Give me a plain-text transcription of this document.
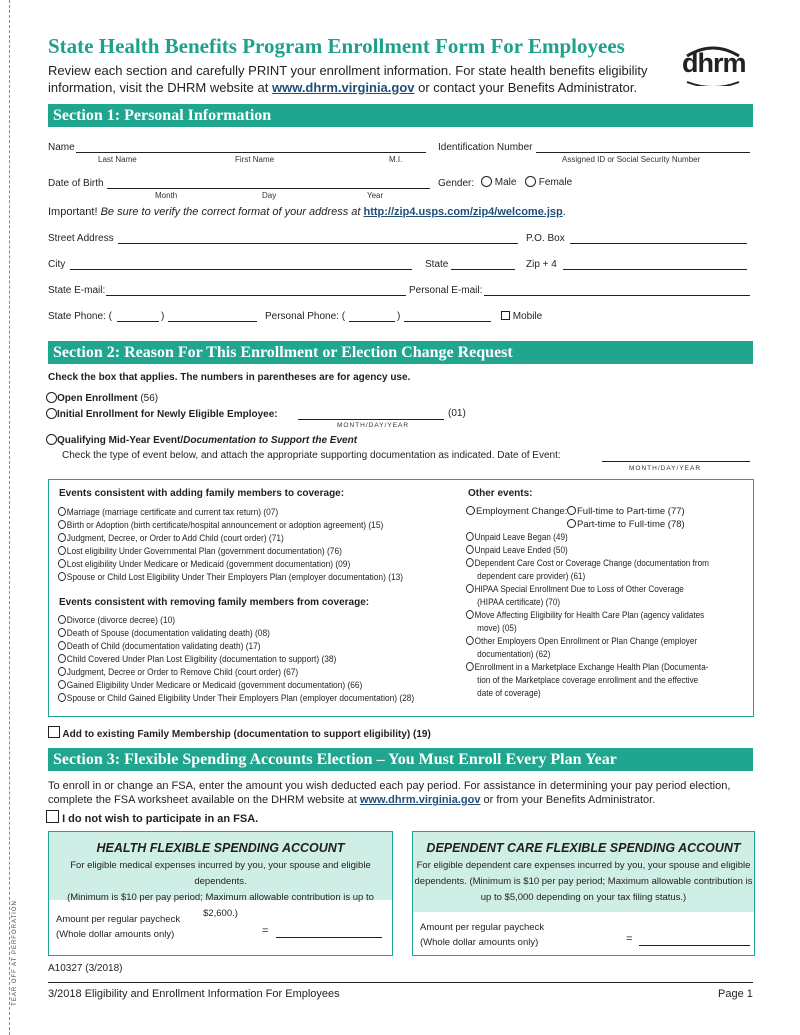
TEAR OFF AT PERFORATION
State Health Benefits Program Enrollment Form For Employees
Review each section and carefully PRINT your enrollment information. For state health benefits eligibility information, visit the DHRM website at www.dhrm.virginia.gov or contact your Benefits Administrator.
dhrm
Section 1: Personal Information
Name
Last Name	First Name	M.I.
Identification Number
Assigned ID or Social Security Number
Date of Birth
Month	Day	Year
Gender:	Male	Female
Important! Be sure to verify the correct format of your address at http://zip4.usps.com/zip4/welcome.jsp.
Street Address	P.O. Box
City	State	Zip + 4
State E-mail:	Personal E-mail:
State Phone: (	)	Personal Phone: (	)	Mobile
Section 2: Reason For This Enrollment or Election Change Request
Check the box that applies. The numbers in parentheses are for agency use.
Open Enrollment (56)
Initial Enrollment for Newly Eligible Employee:	(01)
MONTH/DAY/YEAR
Qualifying Mid-Year Event/Documentation to Support the Event
Check the type of event below, and attach the appropriate supporting documentation as indicated. Date of Event:
MONTH/DAY/YEAR
Events consistent with adding family members to coverage:
Marriage (marriage certificate and current tax return) (07)
Birth or Adoption (birth certificate/hospital announcement or adoption agreement) (15)
Judgment, Decree, or Order to Add Child (court order) (71)
Lost eligibility Under Governmental Plan (government documentation) (76)
Lost eligibility Under Medicare or Medicaid (government documentation) (09)
Spouse or Child Lost Eligibility Under Their Employers Plan (employer documentation) (13)
Events consistent with removing family members from coverage:
Divorce (divorce decree) (10)
Death of Spouse (documentation validating death) (08)
Death of Child (documentation validating death) (17)
Child Covered Under Plan Lost Eligibility (documentation to support) (38)
Judgment, Decree or Order to Remove Child (court order) (67)
Gained Eligibility Under Medicare or Medicaid (government documentation) (66)
Spouse or Child Gained Eligibility Under Their Employers Plan (employer documentation) (28)
Other events:
Employment Change:	Full-time to Part-time (77)
Part-time to Full-time (78)
Unpaid Leave Began (49)
Unpaid Leave Ended (50)
Dependent Care Cost or Coverage Change (documentation from
dependent care provider) (61)
HIPAA Special Enrollment Due to Loss of Other Coverage
(HIPAA certificate) (70)
Move Affecting Eligibility for Health Care Plan (agency validates
move) (05)
Other Employers Open Enrollment or Plan Change (employer
documentation) (62)
Enrollment in a Marketplace Exchange Health Plan (Documenta-
tion of the Marketplace coverage enrollment and the effective
date of coverage)
Add to existing Family Membership (documentation to support eligibility) (19)
Section 3: Flexible Spending Accounts Election – You Must Enroll Every Plan Year
To enroll in or change an FSA, enter the amount you wish deducted each pay period. For assistance in determining your pay period election, complete the FSA worksheet available on the DHRM website at www.dhrm.virginia.gov or from your Benefits Administrator.
I do not wish to participate in an FSA.
HEALTH FLEXIBLE SPENDING ACCOUNT
For eligible medical expenses incurred by you, your spouse and eligible dependents.
(Minimum is $10 per pay period; Maximum allowable contribution is up to $2,600.)
Amount per regular paycheck
(Whole dollar amounts only)	=
DEPENDENT CARE FLEXIBLE SPENDING ACCOUNT
For eligible dependent care expenses incurred by you, your spouse and eligible
dependents. (Minimum is $10 per pay period; Maximum allowable contribution is
up to $5,000 depending on your tax filing status.)
Amount per regular paycheck
(Whole dollar amounts only)	=
A10327 (3/2018)
3/2018 Eligibility and Enrollment Information For Employees	Page 1
